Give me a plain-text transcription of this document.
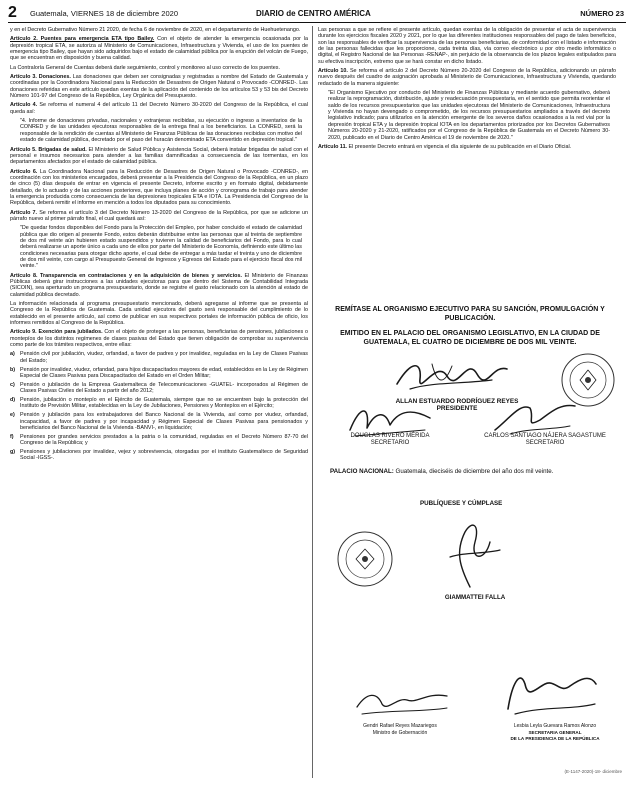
2 Guatemala, VIERNES 18 de diciembre 2020	DIARIO de CENTRO AMÉRICA	NÚMERO 23

y en el Decreto Gubernativo Número 21 2020, de fecha 6 de noviembre de 2020, en el departamento de Huehuetenango.

Artículo 2. Puentes para emergencia ETA tipo Bailey. Con el objeto de atender la emergencia ocasionada por la depresión tropical ETA, se autoriza al Ministerio de Comunicaciones, Infraestructura y Vivienda, el uso de los puentes de emergencia tipo Bailey, que hayan sido adquiridos bajo el estado de calamidad pública por la erupción del volcán de Fuego, que se encuentran en disposición y buena calidad.

La Contraloría General de Cuentas deberá darle seguimiento, control y monitoreo al uso correcto de los puentes.

Artículo 3. Donaciones. Las donaciones que deben ser consignadas y registradas a nombre del Estado de Guatemala y coordinadas por la Coordinadora Nacional para la Reducción de Desastres de Origen Natural o Provocado -CONRED-. Las donaciones referidas en este artículo quedan exentas de la aplicación del contenido de los artículos 53 y 53 bis del Decreto Número 101-97 del Congreso de la República, Ley Orgánica del Presupuesto.

Artículo 4. Se reforma el numeral 4 del artículo 11 del Decreto Número 30-2020 del Congreso de la República, el cual queda así:

"4. Informe de donaciones privadas, nacionales y extranjeras recibidas, su ejecución o ingreso a inventarios de la CONRED y de las unidades ejecutoras responsables de la entrega final a los beneficiarios. La CONRED, será la responsable de la rendición de cuentas al Ministerio de Finanzas Públicas de las donaciones recibidas con motivo del estado de calamidad pública, decretado por el paso del huracán denominado ETA convertido en depresión tropical."

Artículo 5. Brigadas de salud. El Ministerio de Salud Pública y Asistencia Social, deberá instalar brigadas de salud con el personal e insumos necesarios para atender a las familias damnificadas a consecuencia de las tormentas, en los departamentos afectados por el estado de calamidad pública.

Artículo 6. La Coordinadora Nacional para la Reducción de Desastres de Origen Natural o Provocado -CONRED-, en coordinación con los ministerios encargados, deberá presentar a la Presidencia del Congreso de la República, en un plazo de cinco (5) días después de entrar en vigencia el presente Decreto, informe escrito y en formato digital, debidamente detallado, de lo actuado y de las acciones posteriores, que incluya planes de acción y cronograma de trabajo para atender la emergencia producida como consecuencia de las depresiones tropicales ETA e IOTA. La Presidencia del Congreso de la República, deberá remitir el informe en mención a todos los diputados para su conocimiento.

Artículo 7. Se reforma el artículo 3 del Decreto Número 13-2020 del Congreso de la República, por que se adicione un párrafo nuevo al primer párrafo final, el cual quedará así:

"De quedar fondos disponibles del Fondo para la Protección del Empleo, por haber concluido el estado de calamidad pública que dio origen al presente Fondo, estos deberán distribuirse entre las personas que al treinta de septiembre de dos mil veinte aún hubieren estado suspendidos y tuvieren la calidad de beneficiarios del Fondo, para lo cual deberá realizarse un aporte único a cada uno de ellos por parte del Ministerio de Economía, definiendo este último las condiciones necesarias para otorgar dicho aporte, el cual debe de entregar a más tardar el treinta y uno de diciembre de dos mil veinte, con cargo al Presupuesto General de Ingresos y Egresos del Estado para el ejercicio fiscal dos mil veinte."

Artículo 8. Transparencia en contrataciones y en la adquisición de bienes y servicios. El Ministerio de Finanzas Públicas deberá girar instrucciones a las unidades ejecutoras para que dentro del Sistema de Contabilidad Integrada (SICOIN), sea aperturado un programa presupuestario, donde se registre el gasto relacionado con la atención al estado de calamidad pública decretado.

La información relacionada al programa presupuestario mencionado, deberá agregarse al informe que se presenta al Congreso de la República de Guatemala. Cada unidad ejecutora del gasto será responsable del cumplimiento de lo establecido en el presente artículo, así como de publicar en sus respectivos portales de información pública de oficio, los informes remitidos al Congreso de la República.

Artículo 9. Exención para jubilados. Con el objeto de proteger a las personas, beneficiarias de pensiones, jubilaciones o montepíos de los distintos regímenes de clases pasivas del Estado que tienen obligación de comprobar su supervivencia como parte de los trámites respectivos, entre ellas:

a) Pensión civil por jubilación, viudez, orfandad, a favor de padres y por invalidez, reguladas en la Ley de Clases Pasivas del Estado;
b) Pensión por invalidez, viudez, orfandad, para hijos discapacitados mayores de edad, establecidos en la Ley de Régimen Especial de Clases Pasivas para Discapacitados del Estado en el Orden Militar;
c) Pensión o jubilación de la Empresa Guatemalteca de Telecomunicaciones -GUATEL- incorporados al Régimen de Clases Pasivas Civiles del Estado a partir del año 2012;
d) Pensión, jubilación o montepío en el Ejército de Guatemala, siempre que no se encuentren bajo la protección del Instituto de Previsión Militar, establecidas en la Ley de Jubilaciones, Pensiones y Montepíos en el Ejército;
e) Pensión y jubilación para los extrabajadores del Banco Nacional de la Vivienda, así como por viudez, orfandad, incapacidad, a favor de padres y por incapacidad y Régimen Especial de Clases Pasivas para pensionados y beneficiarios del Banco Nacional de la Vivienda -BANVI-, en liquidación;
f)	Pensiones por grandes servicios prestados a la patria o la comunidad, reguladas en el Decreto Número 87-70 del Congreso de la República; y
g) Pensiones y jubilaciones por invalidez, vejez y sobrevivencia, otorgadas por el instituto Guatemalteco de Seguridad Social -IGSS-.

Las personas a que se refiere el presente artículo, quedan exentas de la obligación de presentar el acta de supervivencia durante los ejercicios fiscales 2020 y 2021, por lo que las diferentes instituciones responsables del pago de tales beneficios, son las responsables de verificar la supervivencia de las personas beneficiarias, de conformidad con el listado e información de las personas fallecidas que les proporcione, cada treinta días, vía correo electrónico u por otro medio informático o digital, el Registro Nacional de las Personas -RENAP-, sin perjuicio de la observancia de los plazos legales estipulados para su efectiva inscripción, extremo que se hará constar en dicho listado.

Artículo 10. Se reforma el artículo 2 del Decreto Número 20-2020 del Congreso de la República, adicionando un párrafo nuevo después del cuadro de asignación aprobada al Ministerio de Comunicaciones, Infraestructura y Vivienda, quedando redactado de la manera siguiente:

"El Organismo Ejecutivo por conducto del Ministerio de Finanzas Públicas y mediante acuerdo gubernativo, deberá realizar la reprogramación, distribución, ajuste y readecuación presupuestaria, en el sentido que permita reorientar el saldo de los recursos presupuestarios que las unidades ejecutoras del Ministerio de Comunicaciones, Infraestructura y Vivienda no hayan devengado o comprometido, de los recursos presupuestarios ampliados a través del decreto legislativo indicado; para utilizarlos en la atención emergente de los severos daños ocasionados a la red vial por la depresión tropical ETA y la depresión tropical IOTA en los departamentos priorizados por los Decretos Gubernativos Números 20-2020 y 21-2020, ratificados por el Congreso de la República de Guatemala en el Decreto Número 30-2020, publicado en el Diario de Centro América el 19 de noviembre de 2020."

Artículo 11. El presente Decreto entrará en vigencia el día siguiente de su publicación en el Diario Oficial.

REMÍTASE AL ORGANISMO EJECUTIVO PARA SU SANCIÓN, PROMULGACIÓN Y PUBLICACIÓN.
EMITIDO EN EL PALACIO DEL ORGANISMO LEGISLATIVO, EN LA CIUDAD DE GUATEMALA, EL CUATRO DE DICIEMBRE DE DOS MIL VEINTE.
ALLAN ESTUARDO RODRÍGUEZ REYES
PRESIDENTE
DOUGLAS RIVERO MÉRIDA
SECRETARIO
CARLOS SANTIAGO NÁJERA SAGASTUME
SECRETARIO
PALACIO NACIONAL: Guatemala, dieciséis de diciembre del año dos mil veinte.
PUBLÍQUESE Y CÚMPLASE
GIAMMATTEI FALLA
Gendri Rafael Reyes Mazariegos
Ministro de Gobernación
Lesbia Leyla Guevara Ramos Alonzo
SECRETARIA GENERAL
DE LA PRESIDENCIA DE LA REPÚBLICA
(E-1147-2020)-18- diciembre
